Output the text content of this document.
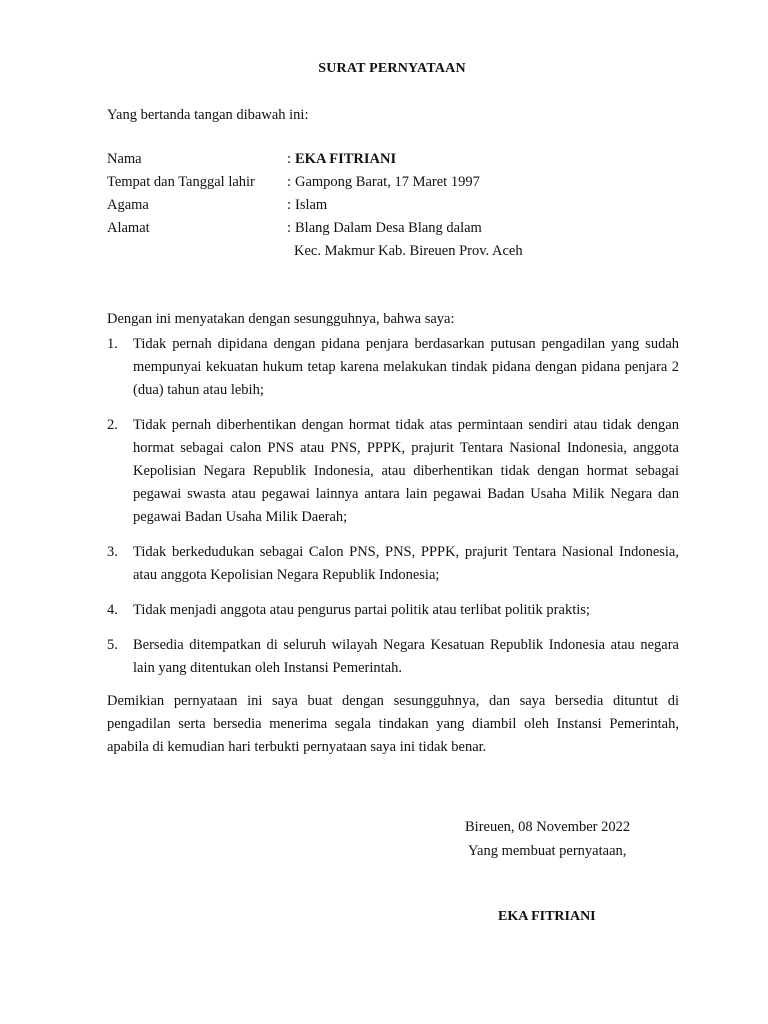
SURAT PERNYATAAN
Yang bertanda tangan dibawah ini:
Nama	: EKA FITRIANI
Tempat dan Tanggal lahir : Gampong Barat, 17 Maret 1997
Agama	: Islam
Alamat	: Blang Dalam Desa Blang dalam
Kec. Makmur Kab. Bireuen Prov. Aceh
Dengan ini menyatakan dengan sesungguhnya, bahwa saya:
1. Tidak pernah dipidana dengan pidana penjara berdasarkan putusan pengadilan yang sudah mempunyai kekuatan hukum tetap karena melakukan tindak pidana dengan pidana penjara 2 (dua) tahun atau lebih;
2. Tidak pernah diberhentikan dengan hormat tidak atas permintaan sendiri atau tidak dengan hormat sebagai calon PNS atau PNS, PPPK, prajurit Tentara Nasional Indonesia, anggota Kepolisian Negara Republik Indonesia, atau diberhentikan tidak dengan hormat sebagai pegawai swasta atau pegawai lainnya antara lain pegawai Badan Usaha Milik Negara dan pegawai Badan Usaha Milik Daerah;
3. Tidak berkedudukan sebagai Calon PNS, PNS, PPPK, prajurit Tentara Nasional Indonesia, atau anggota Kepolisian Negara Republik Indonesia;
4. Tidak menjadi anggota atau pengurus partai politik atau terlibat politik praktis;
5. Bersedia ditempatkan di seluruh wilayah Negara Kesatuan Republik Indonesia atau negara lain yang ditentukan oleh Instansi Pemerintah.
Demikian pernyataan ini saya buat dengan sesungguhnya, dan saya bersedia dituntut di pengadilan serta bersedia menerima segala tindakan yang diambil oleh Instansi Pemerintah, apabila di kemudian hari terbukti pernyataan saya ini tidak benar.
Bireuen, 08 November 2022
Yang membuat pernyataan,
EKA FITRIANI
